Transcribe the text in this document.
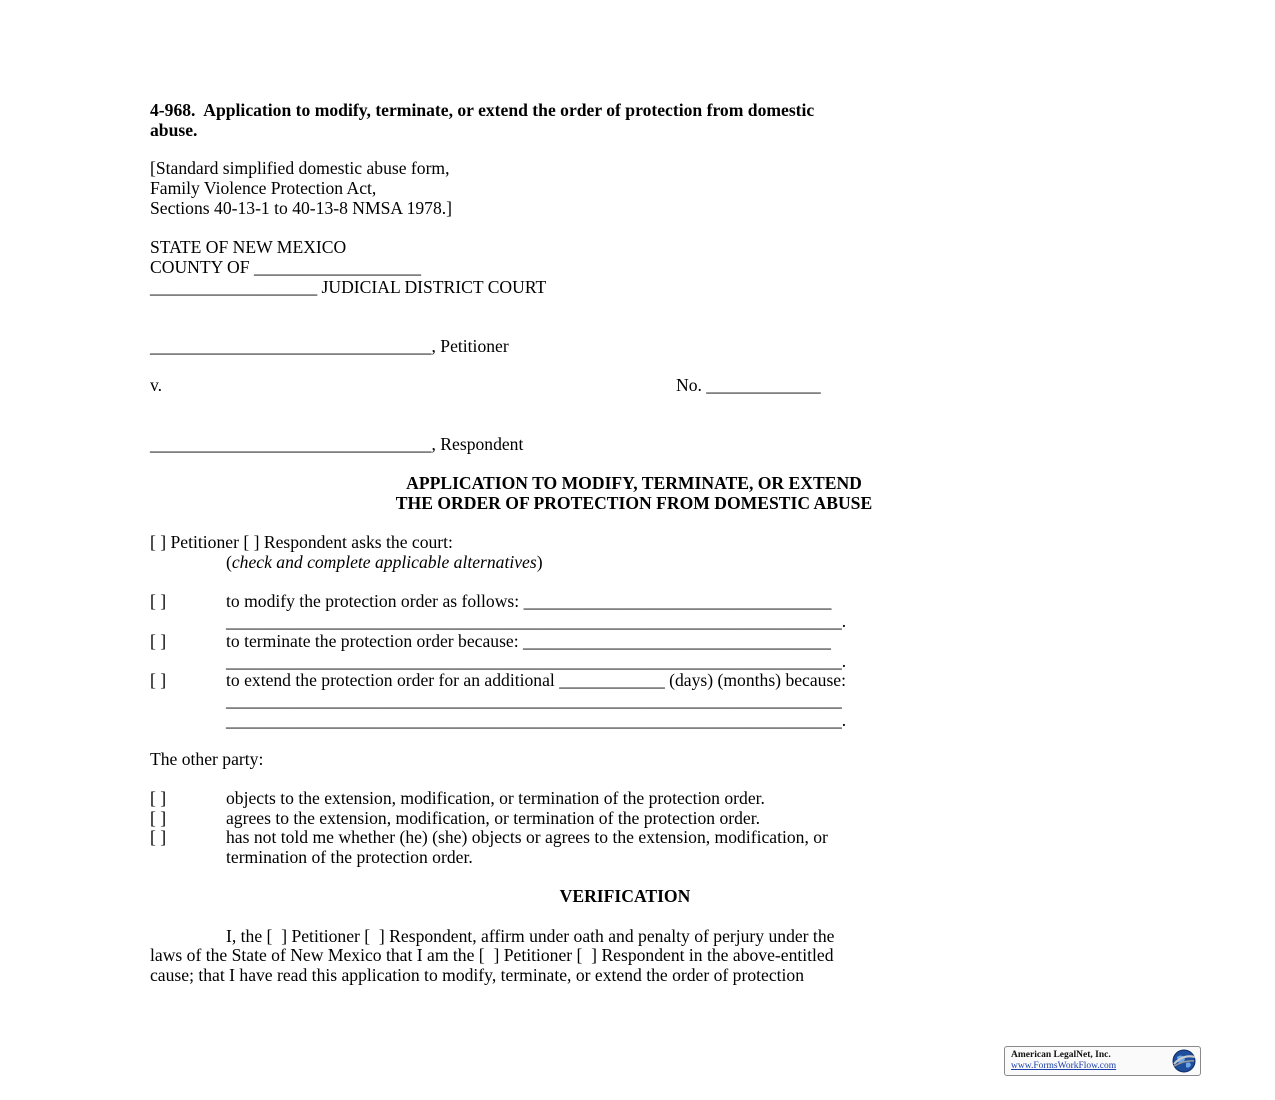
4-968.  Application to modify, terminate, or extend the order of protection from domestic
abuse.
[Standard simplified domestic abuse form,
Family Violence Protection Act,
Sections 40-13-1 to 40-13-8 NMSA 1978.]
STATE OF NEW MEXICO
COUNTY OF ___________________
___________________ JUDICIAL DISTRICT COURT
________________________________, Petitioner
v.	No. _____________
________________________________, Respondent
APPLICATION TO MODIFY, TERMINATE, OR EXTEND
THE ORDER OF PROTECTION FROM DOMESTIC ABUSE
[ ] Petitioner [ ] Respondent asks the court:
(check and complete applicable alternatives)
[ ]	to modify the protection order as follows: ___________________________________
______________________________________________________________________.
[ ]	to terminate the protection order because: ___________________________________
______________________________________________________________________.
[ ]	to extend the protection order for an additional ____________ (days) (months) because:
______________________________________________________________________
______________________________________________________________________.
The other party:
[ ]	objects to the extension, modification, or termination of the protection order.
[ ]	agrees to the extension, modification, or termination of the protection order.
[ ]	has not told me whether (he) (she) objects or agrees to the extension, modification, or
termination of the protection order.
VERIFICATION
I, the [  ] Petitioner [  ] Respondent, affirm under oath and penalty of perjury under the
laws of the State of New Mexico that I am the [  ] Petitioner [  ] Respondent in the above-entitled
cause; that I have read this application to modify, terminate, or extend the order of protection
American LegalNet, Inc.
www.FormsWorkFlow.com
